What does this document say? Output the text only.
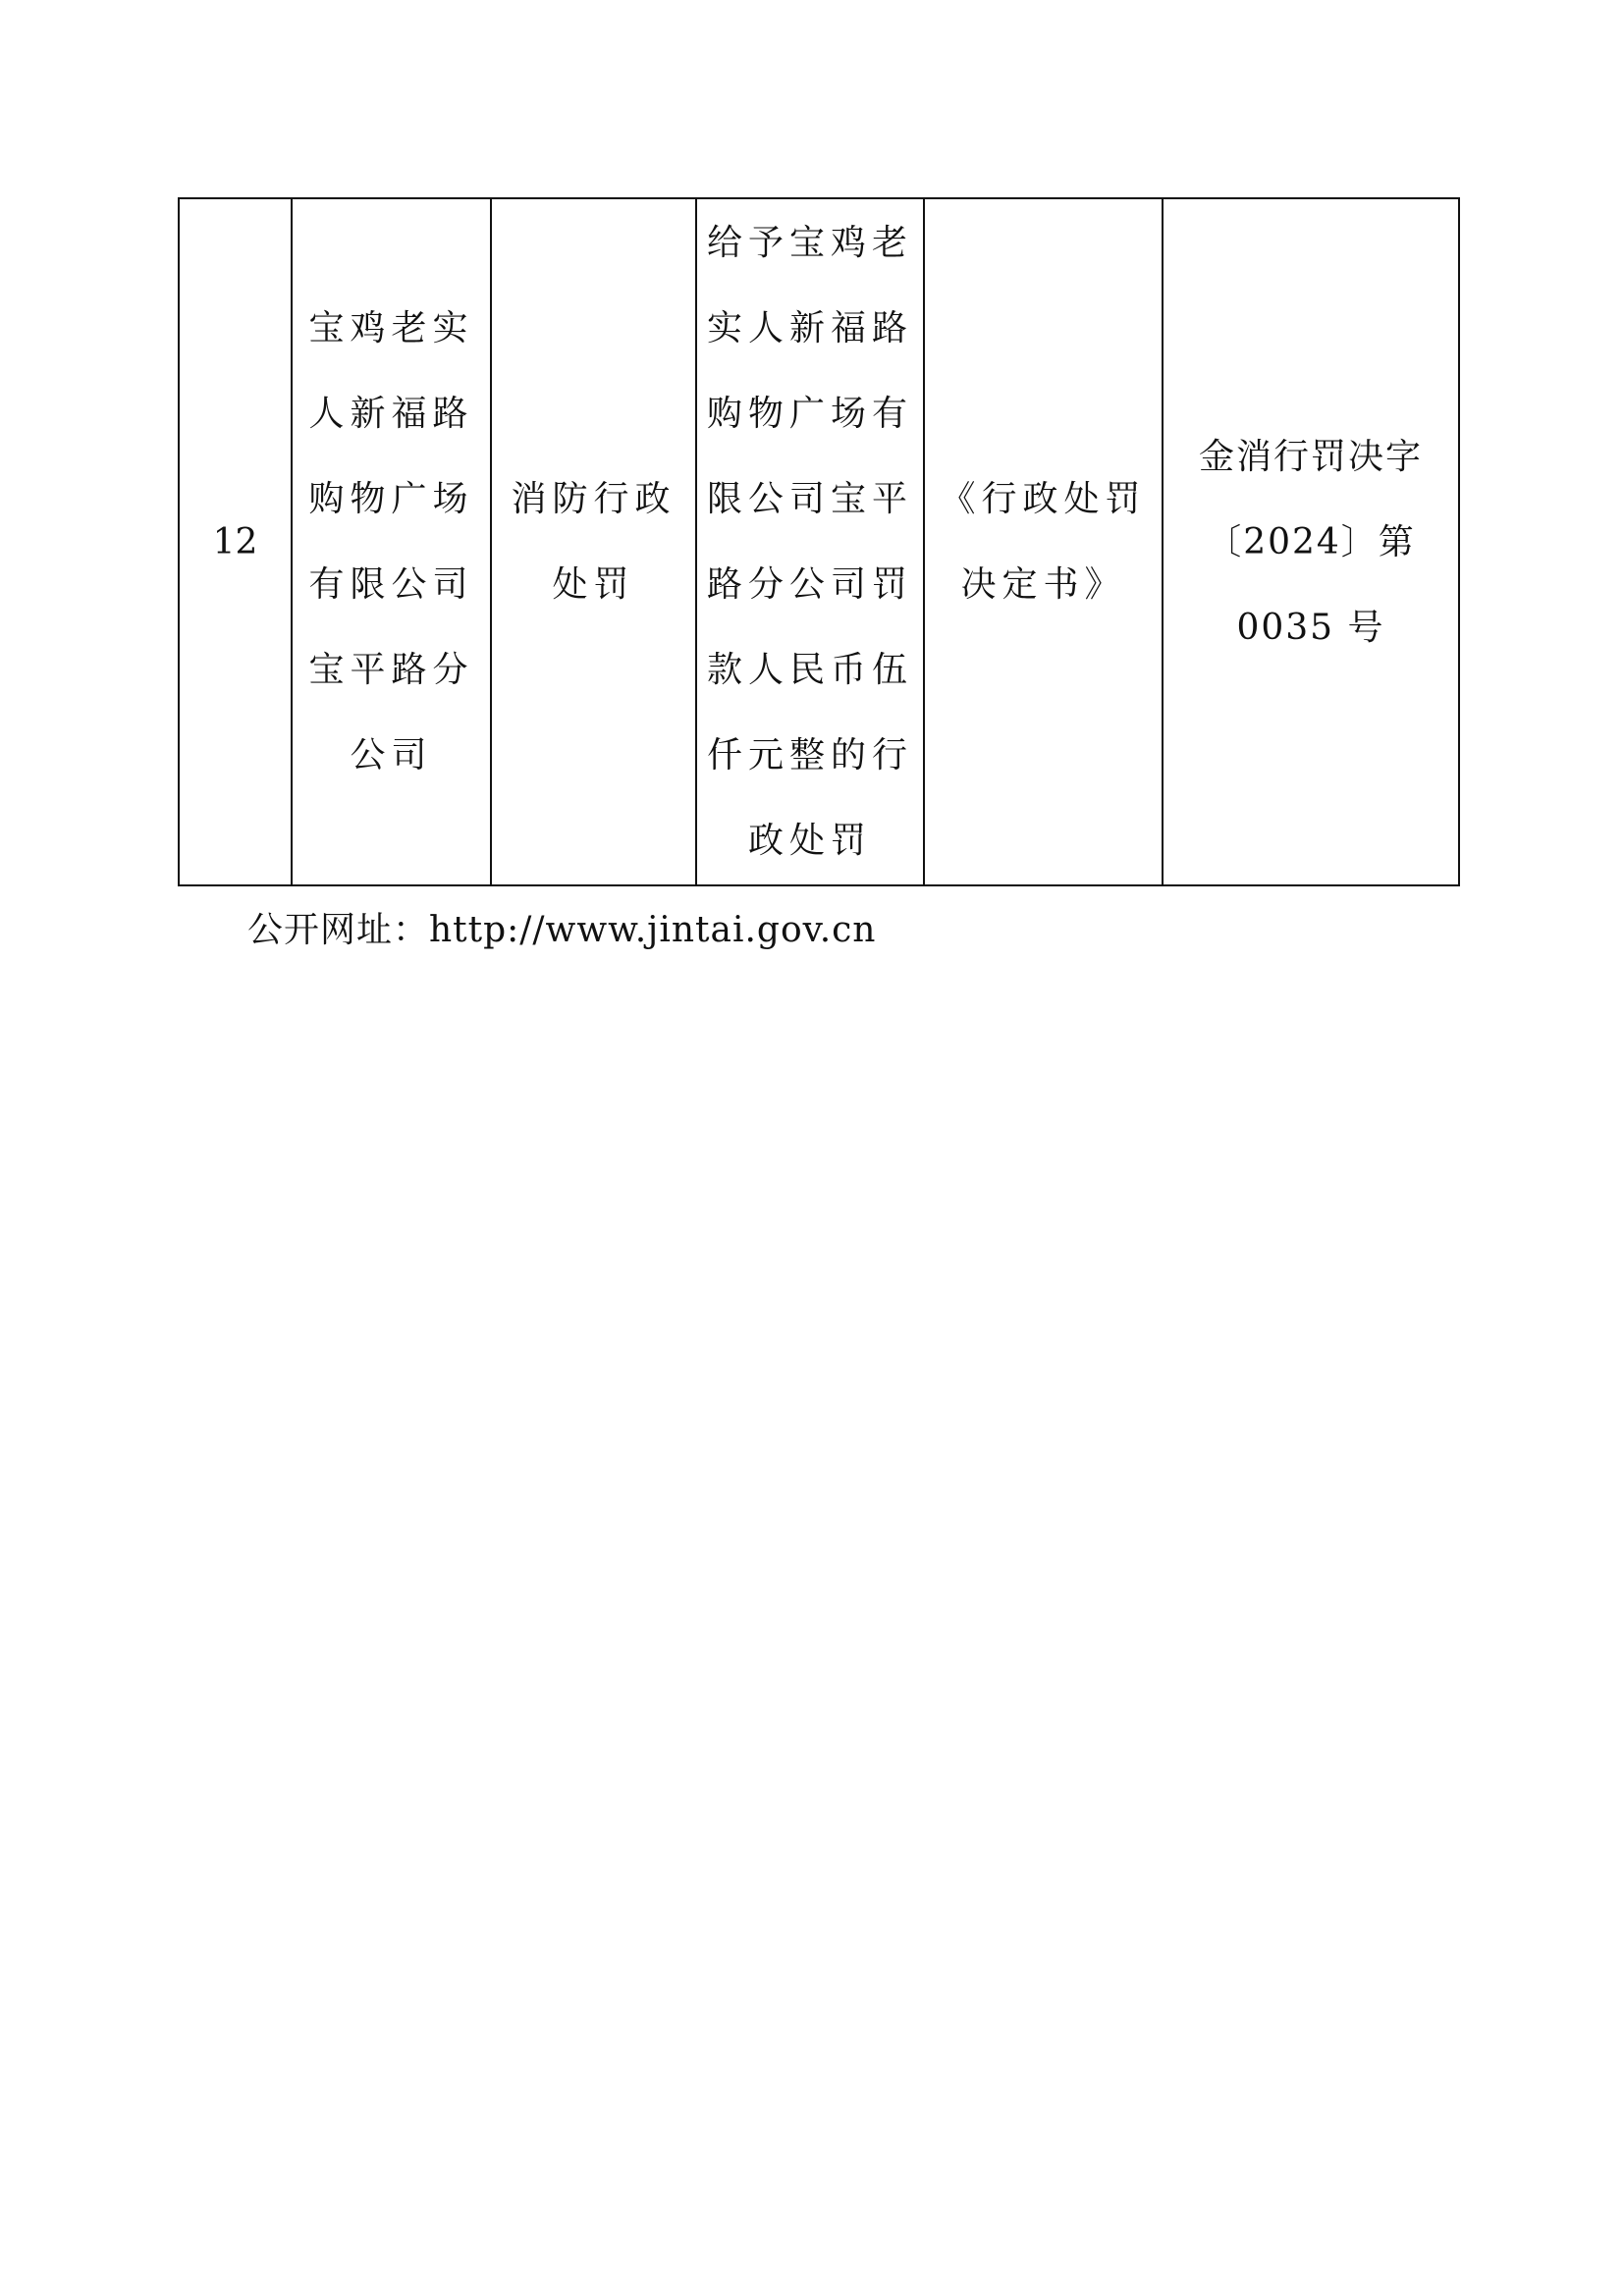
12

宝鸡老实
人新福路
购物广场
有限公司
宝平路分
公司

消防行政
处罚

给予宝鸡老
实人新福路
购物广场有
限公司宝平
路分公司罚
款人民币伍
仟元整的行
政处罚

《行政处罚
决定书》

金消行罚决字
〔2024〕第
0035 号
公开网址：http://www.jintai.gov.cn
